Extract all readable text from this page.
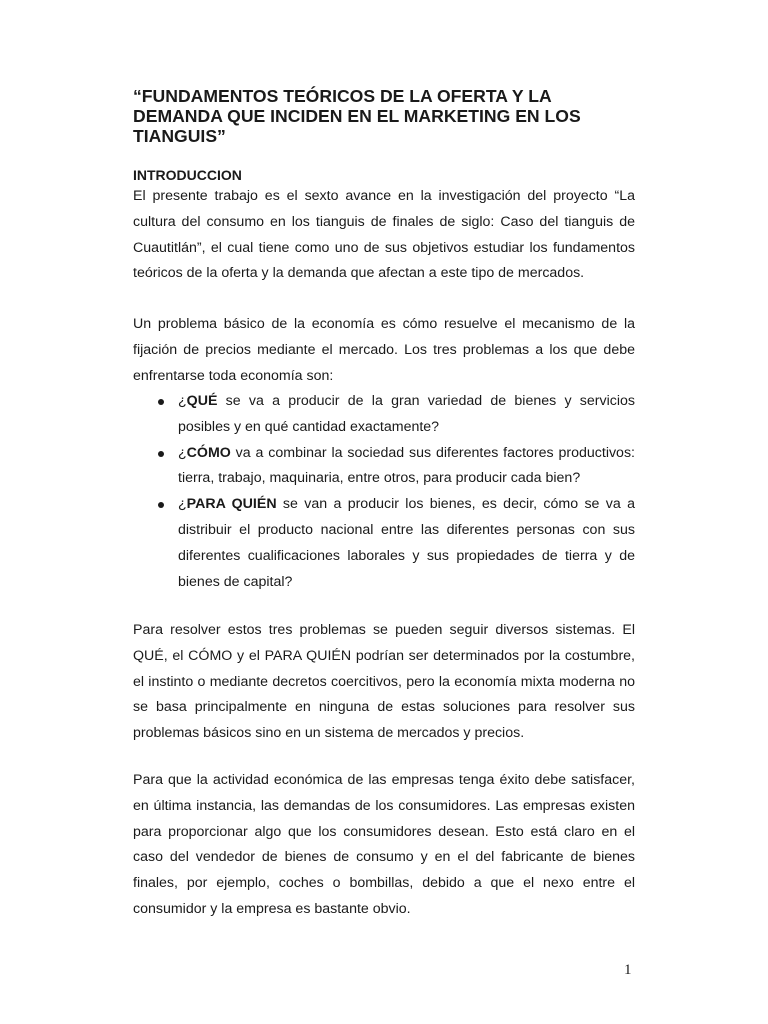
“FUNDAMENTOS TEÓRICOS DE LA OFERTA Y LA DEMANDA QUE INCIDEN EN EL MARKETING EN LOS TIANGUIS”
INTRODUCCION

El presente trabajo es el sexto avance en la investigación del proyecto “La cultura del consumo en los tianguis de finales de siglo: Caso del tianguis de Cuautitlán”, el cual tiene como uno de sus objetivos estudiar los fundamentos teóricos de la oferta y la demanda que afectan a este tipo de mercados.

Un problema básico de la economía es cómo resuelve el mecanismo de la fijación de precios mediante el mercado. Los tres problemas a los que debe enfrentarse toda economía son:

¿QUÉ se va a producir de la gran variedad de bienes y servicios posibles y en qué cantidad exactamente?
¿CÓMO va a combinar la sociedad sus diferentes factores productivos: tierra, trabajo, maquinaria, entre otros, para producir cada bien?
¿PARA QUIÉN se van a producir los bienes, es decir, cómo se va a distribuir el producto nacional entre las diferentes personas con sus diferentes cualificaciones laborales y sus propiedades de tierra y de bienes de capital?

Para resolver estos tres problemas se pueden seguir diversos sistemas. El QUÉ, el CÓMO y el PARA QUIÉN podrían ser determinados por la costumbre, el instinto o mediante decretos coercitivos, pero la economía mixta moderna no se basa principalmente en ninguna de estas soluciones para resolver sus problemas básicos sino en un sistema de mercados y precios.

Para que la actividad económica de las empresas tenga éxito debe satisfacer, en última instancia, las demandas de los consumidores. Las empresas existen para proporcionar algo que los consumidores desean. Esto está claro en el caso del vendedor de bienes de consumo y en el del fabricante de bienes finales, por ejemplo, coches o bombillas, debido a que el nexo entre el consumidor y la empresa es bastante obvio.

1
